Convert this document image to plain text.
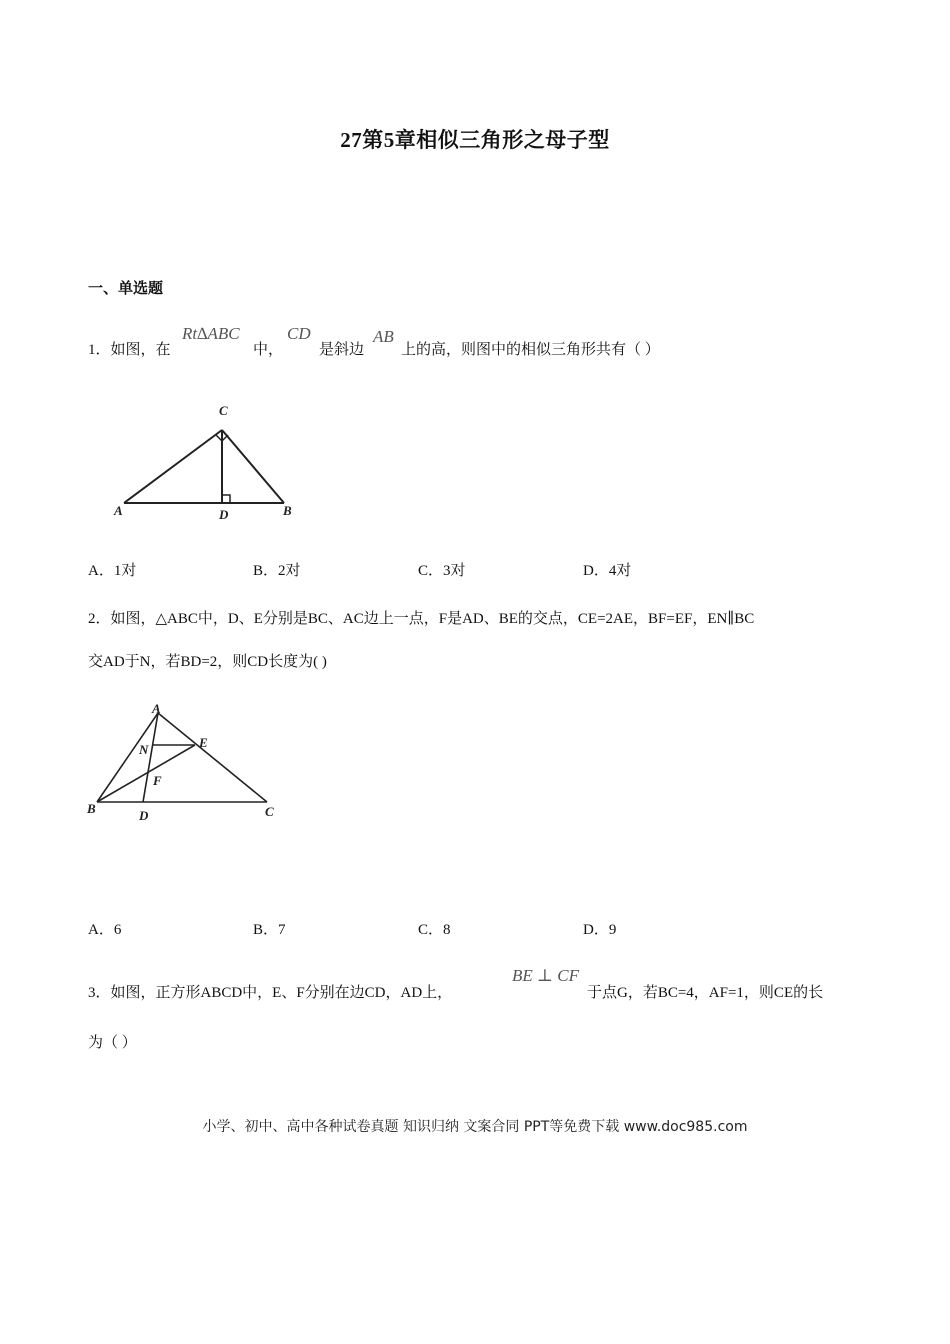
27第5章相似三角形之母子型
一、单选题
1．如图，在
Rt∆ABC
中，
CD
是斜边
AB
上的高，则图中的相似三角形共有（ ）
C
A	D	B
A．1对	B．2对	C．3对	D．4对
2．如图，△ABC中，D、E分别是BC、AC边上一点，F是AD、BE的交点，CE=2AE，BF=EF，EN∥BC
交AD于N，若BD=2，则CD长度为( )
A
N	E
F
B	D	C
A．6	B．7	C．8	D．9
3．如图，正方形ABCD中，E、F分别在边CD，AD上，
BE ⊥ CF
于点G，若BC=4，AF=1，则CE的长
为（ ）
小学、初中、高中各种试卷真题 知识归纳 文案合同 PPT等免费下载 www.doc985.com
